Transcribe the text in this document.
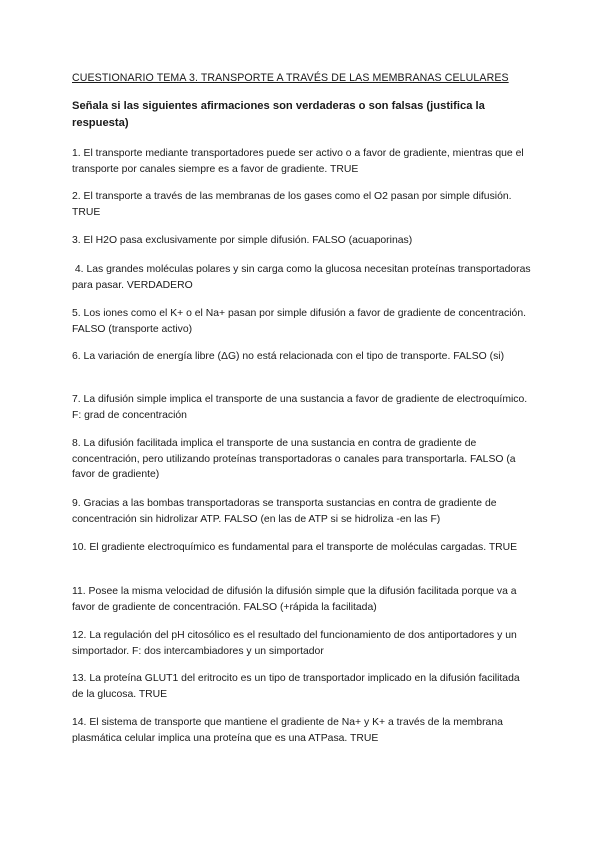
CUESTIONARIO TEMA 3. TRANSPORTE A TRAVÉS DE LAS MEMBRANAS CELULARES
Señala si las siguientes afirmaciones son verdaderas o son falsas (justifica la respuesta)
1. El transporte mediante transportadores puede ser activo o a favor de gradiente, mientras que el transporte por canales siempre es a favor de gradiente. TRUE
2. El transporte a través de las membranas de los gases como el O2 pasan por simple difusión. TRUE
3. El H2O pasa exclusivamente por simple difusión. FALSO (acuaporinas)
4. Las grandes moléculas polares y sin carga como la glucosa necesitan proteínas transportadoras para pasar. VERDADERO
5. Los iones como el K+ o el Na+ pasan por simple difusión a favor de gradiente de concentración. FALSO (transporte activo)
6. La variación de energía libre (ΔG) no está relacionada con el tipo de transporte. FALSO (si)
7. La difusión simple implica el transporte de una sustancia a favor de gradiente de electroquímico. F: grad de concentración
8. La difusión facilitada implica el transporte de una sustancia en contra de gradiente de concentración, pero utilizando proteínas transportadoras o canales para transportarla. FALSO (a favor de gradiente)
9. Gracias a las bombas transportadoras se transporta sustancias en contra de gradiente de concentración sin hidrolizar ATP. FALSO (en las de ATP si se hidroliza -en las F)
10. El gradiente electroquímico es fundamental para el transporte de moléculas cargadas. TRUE
11. Posee la misma velocidad de difusión la difusión simple que la difusión facilitada porque va a favor de gradiente de concentración. FALSO (+rápida la facilitada)
12. La regulación del pH citosólico es el resultado del funcionamiento de dos antiportadores y un simportador. F: dos intercambiadores y un simportador
13. La proteína GLUT1 del eritrocito es un tipo de transportador implicado en la difusión facilitada de la glucosa. TRUE
14. El sistema de transporte que mantiene el gradiente de Na+ y K+ a través de la membrana plasmática celular implica una proteína que es una ATPasa. TRUE
